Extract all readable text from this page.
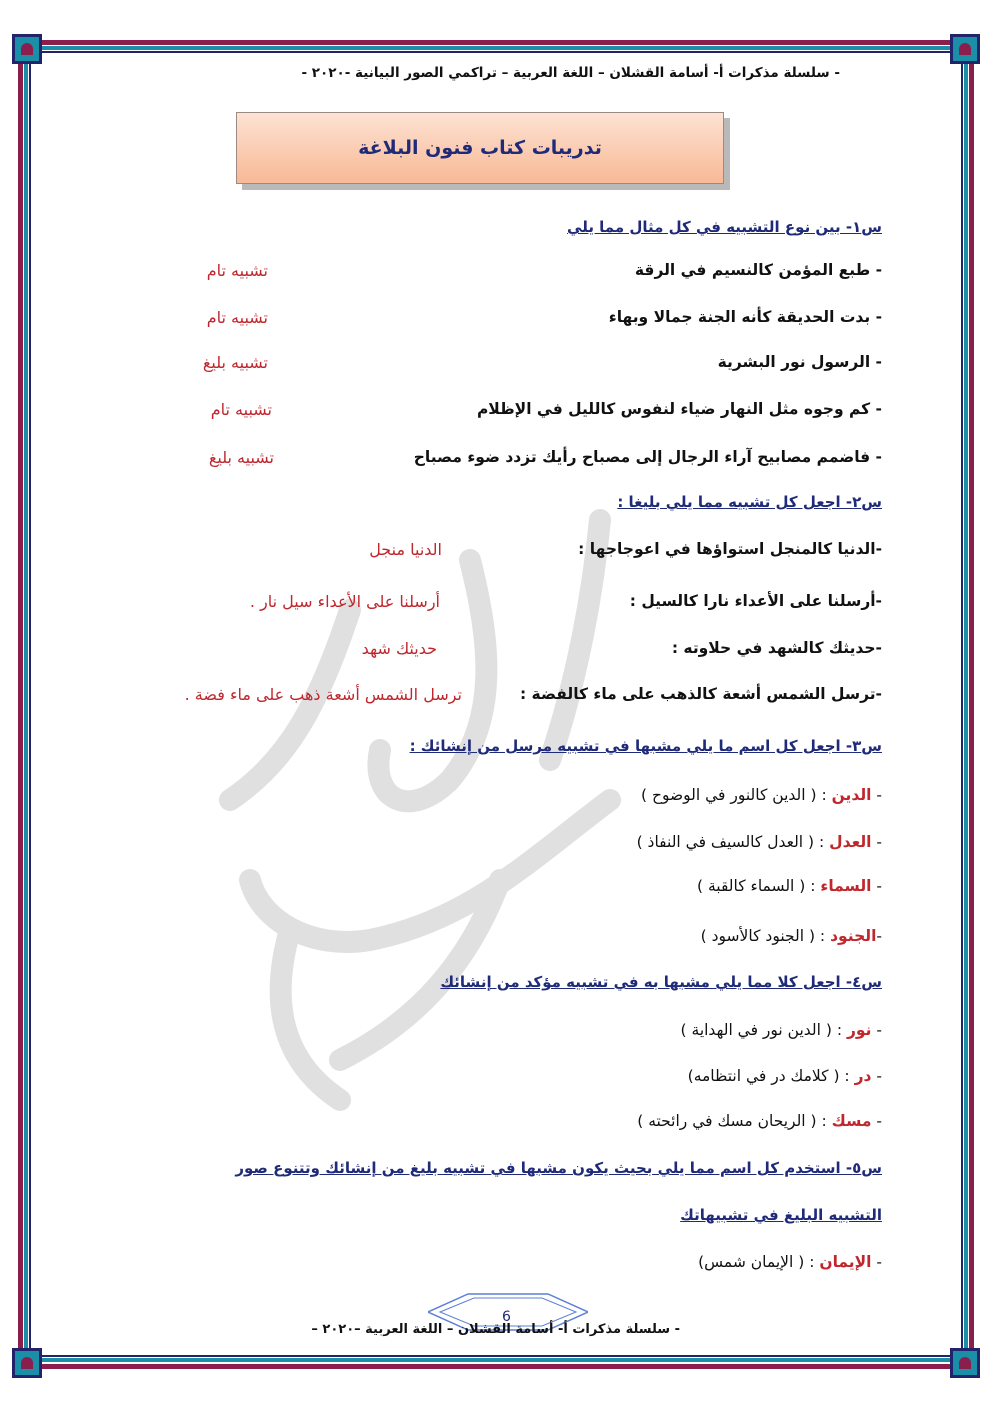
- سلسلة مذكرات أ- أسامة القشلان – اللغة العربية – تراكمي الصور البيانية -٢٠٢٠ -
تدريبات كتاب فنون البلاغة
س١- بين نوع التشبيه في كل مثال مما يلي
- طبع المؤمن كالنسيم في الرقة
تشبيه تام
- بدت الحديقة كأنه الجنة جمالا وبهاء
تشبيه تام
- الرسول نور البشرية
تشبيه بليغ
- كم وجوه مثل النهار ضياء لنفوس كالليل في الإظلام
تشبيه تام
- فاضمم مصابيح آراء الرجال إلى مصباح رأيك تزدد ضوء مصباح
تشبيه بليغ
س٢- اجعل كل تشبيه مما يلي بليغا :
-الدنيا كالمنجل استواؤها في اعوجاجها :
الدنيا منجل
-أرسلنا على الأعداء نارا كالسيل :
أرسلنا على الأعداء سيل نار .
-حديثك كالشهد في حلاوته :
حديثك شهد
-ترسل الشمس أشعة كالذهب على ماء كالفضة :
ترسل الشمس أشعة ذهب على ماء فضة .
س٣- اجعل كل اسم ما يلي مشبها في تشبيه مرسل من إنشائك :
- الدين : ( الدين كالنور في الوضوح )
- العدل : ( العدل كالسيف في النفاذ )
- السماء : ( السماء كالقبة )
-الجنود : ( الجنود كالأسود )
س٤- اجعل كلا مما يلي مشبها به في تشبيه مؤكد من إنشائك
- نور : ( الدين نور في الهداية )
- در : ( كلامك در في انتظامه)
- مسك : ( الريحان مسك في رائحته )
س٥- استخدم كل اسم مما يلي بحيث يكون مشبها في تشبيه بليغ من إنشائك وتتنوع صور
التشبيه البليغ في تشبيهاتك
- الإيمان : ( الإيمان شمس)
6
- سلسلة مذكرات أ- أسامة القشلان – اللغة العربية –٢٠٢٠ –
